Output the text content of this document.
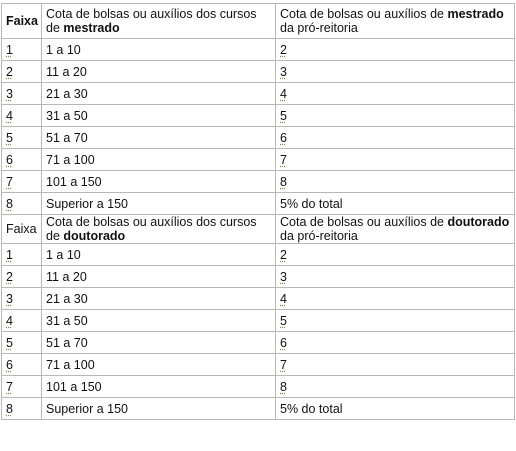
Faixa	Cota de bolsas ou auxílios dos cursos de mestrado	Cota de bolsas ou auxílios de mestrado da pró-reitoria
1	1 a 10	2
2	11 a 20	3
3	21 a 30	4
4	31 a 50	5
5	51 a 70	6
6	71 a 100	7
7	101 a 150	8
8	Superior a 150	5% do total
Faixa	Cota de bolsas ou auxílios dos cursos de doutorado	Cota de bolsas ou auxílios de doutorado da pró-reitoria
1	1 a 10	2
2	11 a 20	3
3	21 a 30	4
4	31 a 50	5
5	51 a 70	6
6	71 a 100	7
7	101 a 150	8
8	Superior a 150	5% do total
